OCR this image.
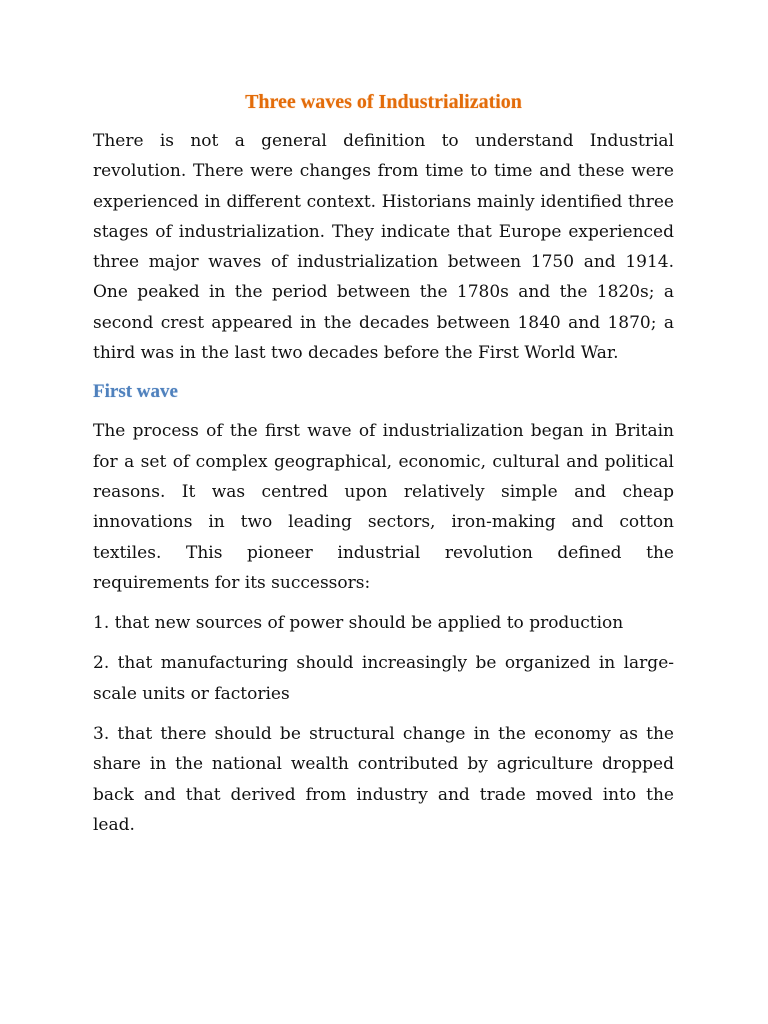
Three waves of Industrialization

There is not a general definition to understand Industrial revolution. There were changes from time to time and these were experienced in different context. Historians mainly identified three stages of industrialization. They indicate that Europe experienced three major waves of industrialization between 1750 and 1914. One peaked in the period between the 1780s and the 1820s; a second crest appeared in the decades between 1840 and 1870; a third was in the last two decades before the First World War.

First wave

The process of the first wave of industrialization began in Britain for a set of complex geographical, economic, cultural and political reasons. It was centred upon relatively simple and cheap innovations in two leading sectors, iron-making and cotton textiles. This pioneer industrial revolution defined the requirements for its successors:

1. that new sources of power should be applied to production

2. that manufacturing should increasingly be organized in large-scale units or factories

3. that there should be structural change in the economy as the share in the national wealth contributed by agriculture dropped back and that derived from industry and trade moved into the lead.
